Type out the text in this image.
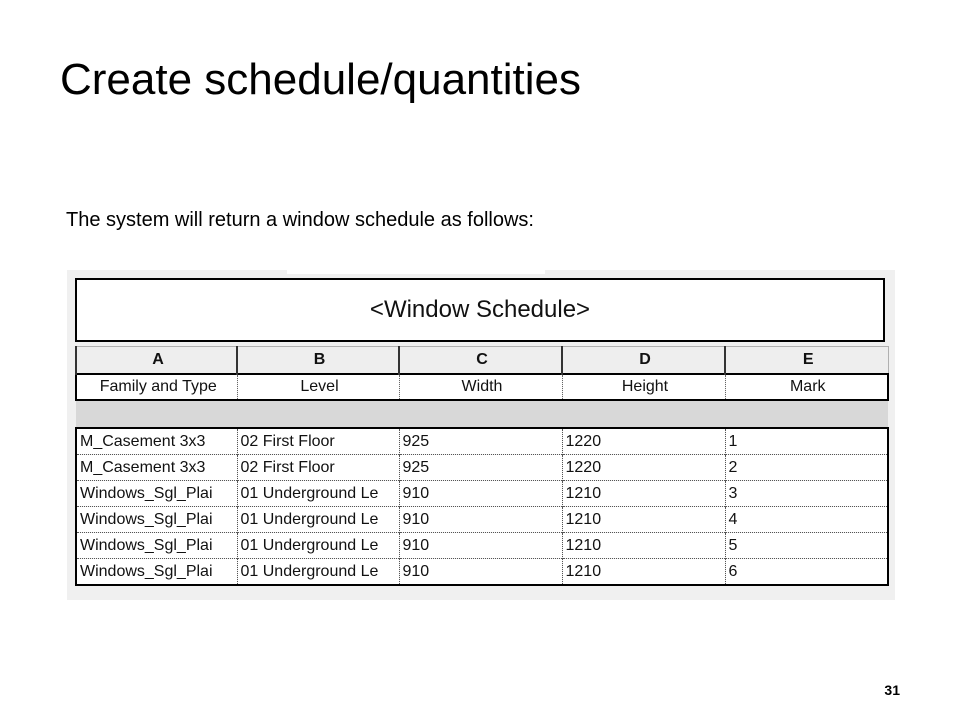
Create schedule/quantities
The system will return a window schedule as follows:
<Window Schedule>
A	B	C	D	E
Family and Type	Level	Width	Height	Mark

M_Casement 3x3	02 First Floor	925	1220	1
M_Casement 3x3	02 First Floor	925	1220	2
Windows_Sgl_Plai	01 Underground Le	910	1210	3
Windows_Sgl_Plai	01 Underground Le	910	1210	4
Windows_Sgl_Plai	01 Underground Le	910	1210	5
Windows_Sgl_Plai	01 Underground Le	910	1210	6
31
